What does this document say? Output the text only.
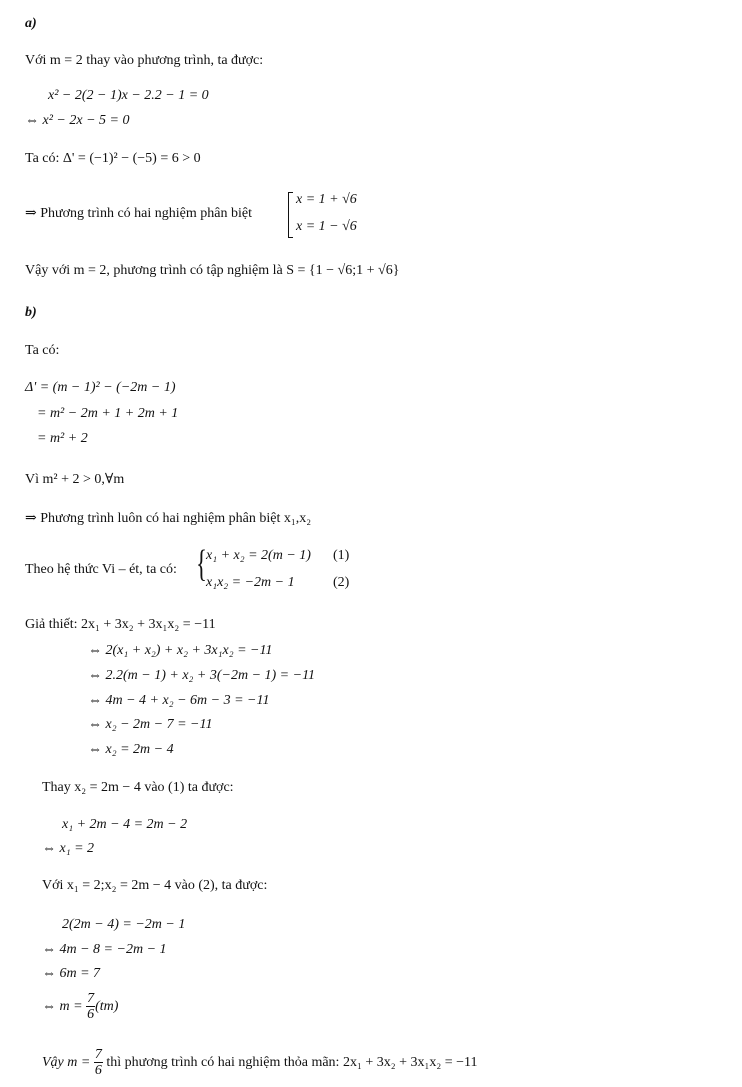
a)
Với m = 2 thay vào phương trình, ta được:
x² − 2(2 − 1)x − 2.2 − 1 = 0
⇔ x² − 2x − 5 = 0
Ta có: Δ' = (−1)² − (−5) = 6 > 0
⇒ Phương trình có hai nghiệm phân biệt
x = 1 + √6
x = 1 − √6
Vậy với m = 2, phương trình có tập nghiệm là S = {1 − √6;1 + √6}
b)
Ta có:
Δ' = (m − 1)² − (−2m − 1)
= m² − 2m + 1 + 2m + 1
= m² + 2
Vì m² + 2 > 0,∀m
⇒ Phương trình luôn có hai nghiệm phân biệt x₁,x₂
Theo hệ thức Vi – ét, ta có: { x₁ + x₂ = 2(m − 1) (1)
x₁x₂ = −2m − 1	(2)
Giả thiết: 2x₁ + 3x₂ + 3x₁x₂ = −11
⇔ 2(x₁ + x₂) + x₂ + 3x₁x₂ = −11
⇔ 2.2(m − 1) + x₂ + 3(−2m − 1) = −11
⇔ 4m − 4 + x₂ − 6m − 3 = −11
⇔ x₂ − 2m − 7 = −11
⇔ x₂ = 2m − 4
Thay x₂ = 2m − 4 vào (1) ta được:
x₁ + 2m − 4 = 2m − 2
⇔ x₁ = 2
Với x₁ = 2;x₂ = 2m − 4 vào (2), ta được:
2(2m − 4) = −2m − 1
⇔ 4m − 8 = −2m − 1
⇔ 6m = 7
⇔ $m = \frac{7}{6} (tm)$
Vậy $m = \frac{7}{6}$ thì phương trình có hai nghiệm thỏa mãn: 2x₁ + 3x₂ + 3x₁x₂ = −11
